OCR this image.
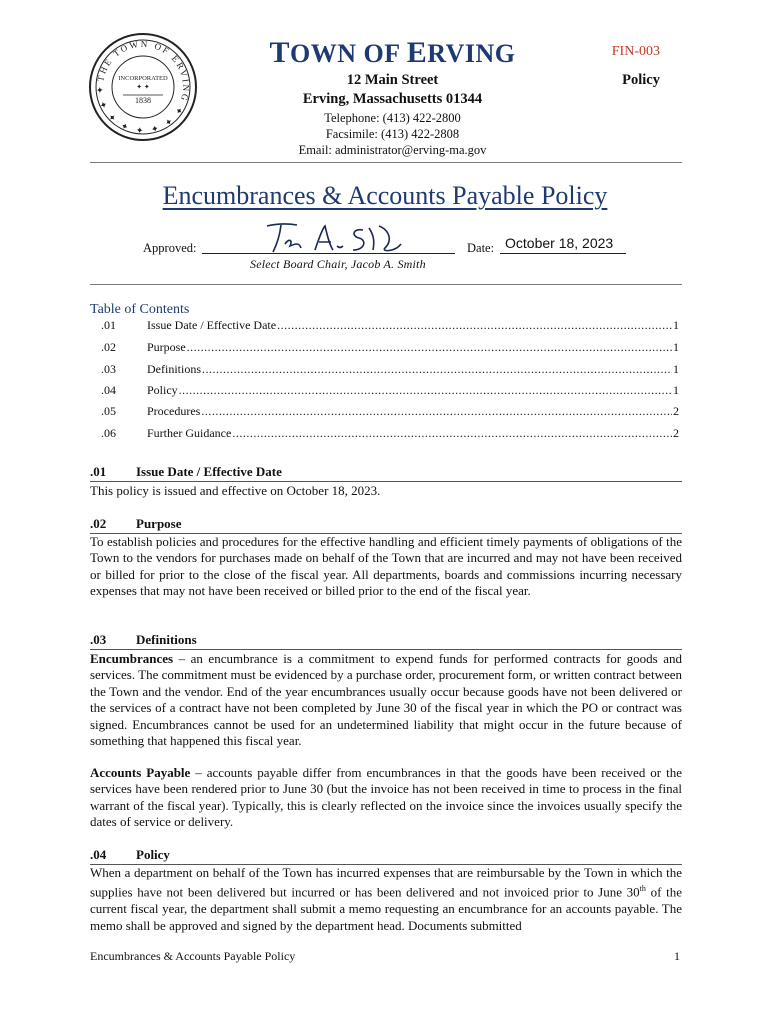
THE TOWN OF ERVING ✦ ✦ ✦ ✦ ✦ ✦ ✦ ✦
INCORPORATED
✦ ✦
1838
TOWN OF ERVING
12 Main Street
Erving, Massachusetts 01344
Telephone: (413) 422-2800
Facsimile: (413) 422-2808
Email: administrator@erving-ma.gov
FIN-003
Policy
Encumbrances & Accounts Payable Policy
Approved:	Date: October 18, 2023
Select Board Chair, Jacob A. Smith
Table of Contents
.01	Issue Date / Effective Date .....	1
.02	Purpose .....	1
.03	Definitions .....	1
.04	Policy .....	1
.05	Procedures .....	2
.06	Further Guidance .....	2
.01 Issue Date / Effective Date
This policy is issued and effective on October 18, 2023.
.02 Purpose
To establish policies and procedures for the effective handling and efficient timely payments of obligations of the Town to the vendors for purchases made on behalf of the Town that are incurred and may not have been received or billed for prior to the close of the fiscal year. All departments, boards and commissions incurring necessary expenses that may not have been received or billed prior to the end of the fiscal year.
.03 Definitions
Encumbrances – an encumbrance is a commitment to expend funds for performed contracts for goods and services. The commitment must be evidenced by a purchase order, procurement form, or written contract between the Town and the vendor. End of the year encumbrances usually occur because goods have not been delivered or the services of a contract have not been completed by June 30 of the fiscal year in which the PO or contract was signed. Encumbrances cannot be used for an undetermined liability that might occur in the future because of something that happened this fiscal year.
Accounts Payable – accounts payable differ from encumbrances in that the goods have been received or the services have been rendered prior to June 30 (but the invoice has not been received in time to process in the final warrant of the fiscal year). Typically, this is clearly reflected on the invoice since the invoices usually specify the dates of service or delivery.
.04 Policy
When a department on behalf of the Town has incurred expenses that are reimbursable by the Town in which the supplies have not been delivered but incurred or has been delivered and not invoiced prior to June 30th of the current fiscal year, the department shall submit a memo requesting an encumbrance for an accounts payable. The memo shall be approved and signed by the department head. Documents submitted
Encumbrances & Accounts Payable Policy	1
